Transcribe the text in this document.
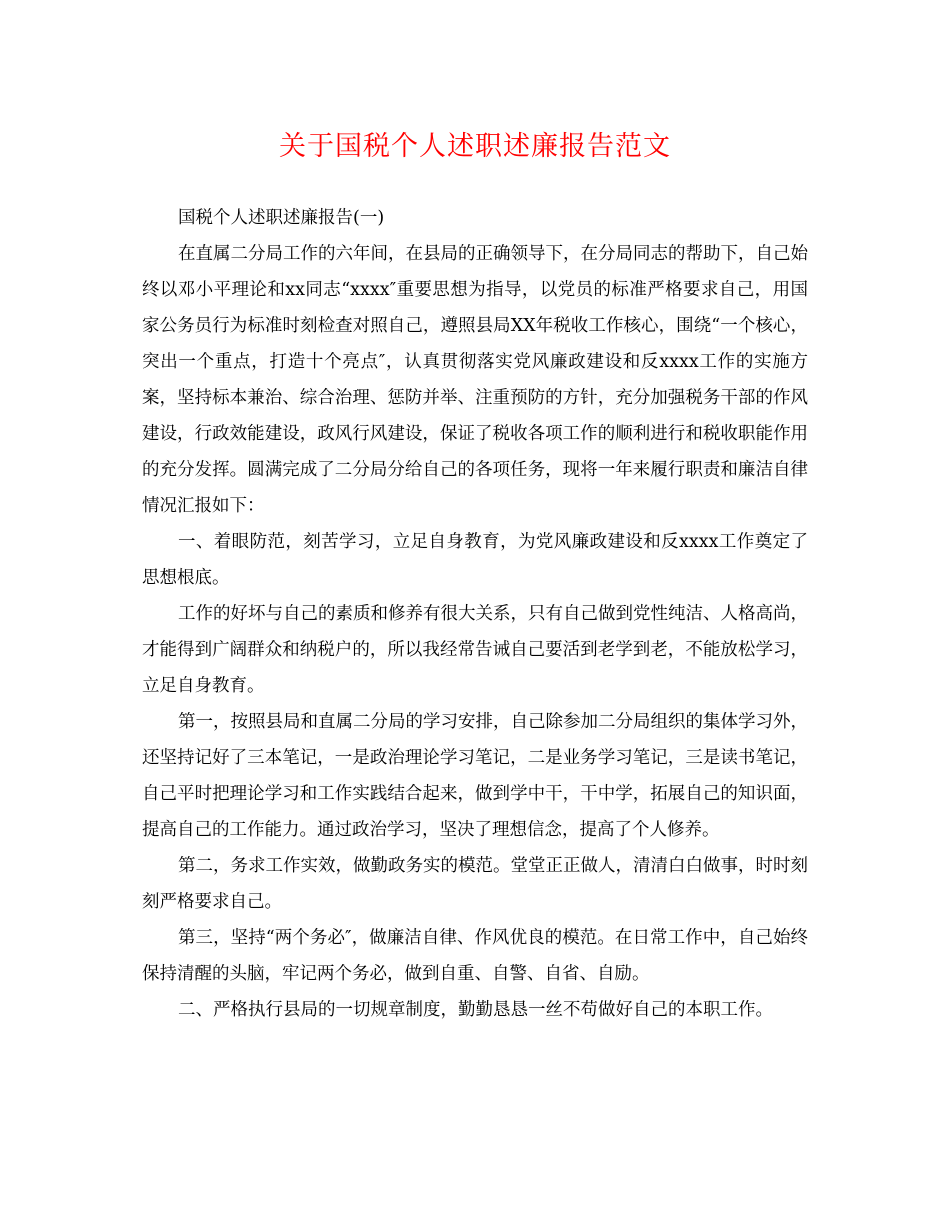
关于国税个人述职述廉报告范文

国税个人述职述廉报告(一)

在直属二分局工作的六年间，在县局的正确领导下，在分局同志的帮助下，自己始终以邓小平理论和xx同志“xxxx″重要思想为指导，以党员的标准严格要求自己，用国家公务员行为标准时刻检查对照自己，遵照县局XX年税收工作核心，围绕“一个核心，突出一个重点，打造十个亮点″，认真贯彻落实党风廉政建设和反xxxx工作的实施方案，坚持标本兼治、综合治理、惩防并举、注重预防的方针，充分加强税务干部的作风建设，行政效能建设，政风行风建设，保证了税收各项工作的顺利进行和税收职能作用的充分发挥。圆满完成了二分局分给自己的各项任务，现将一年来履行职责和廉洁自律情况汇报如下：

一、着眼防范，刻苦学习，立足自身教育，为党风廉政建设和反xxxx工作奠定了思想根底。

工作的好坏与自己的素质和修养有很大关系，只有自己做到党性纯洁、人格高尚，才能得到广阔群众和纳税户的，所以我经常告诫自己要活到老学到老，不能放松学习，立足自身教育。

第一，按照县局和直属二分局的学习安排，自己除参加二分局组织的集体学习外，还坚持记好了三本笔记，一是政治理论学习笔记，二是业务学习笔记，三是读书笔记，自己平时把理论学习和工作实践结合起来，做到学中干，干中学，拓展自己的知识面，提高自己的工作能力。通过政治学习，坚决了理想信念，提高了个人修养。

第二，务求工作实效，做勤政务实的模范。堂堂正正做人，清清白白做事，时时刻刻严格要求自己。

第三，坚持“两个务必″，做廉洁自律、作风优良的模范。在日常工作中，自己始终保持清醒的头脑，牢记两个务必，做到自重、自警、自省、自励。

二、严格执行县局的一切规章制度，勤勤恳恳一丝不苟做好自己的本职工作。
